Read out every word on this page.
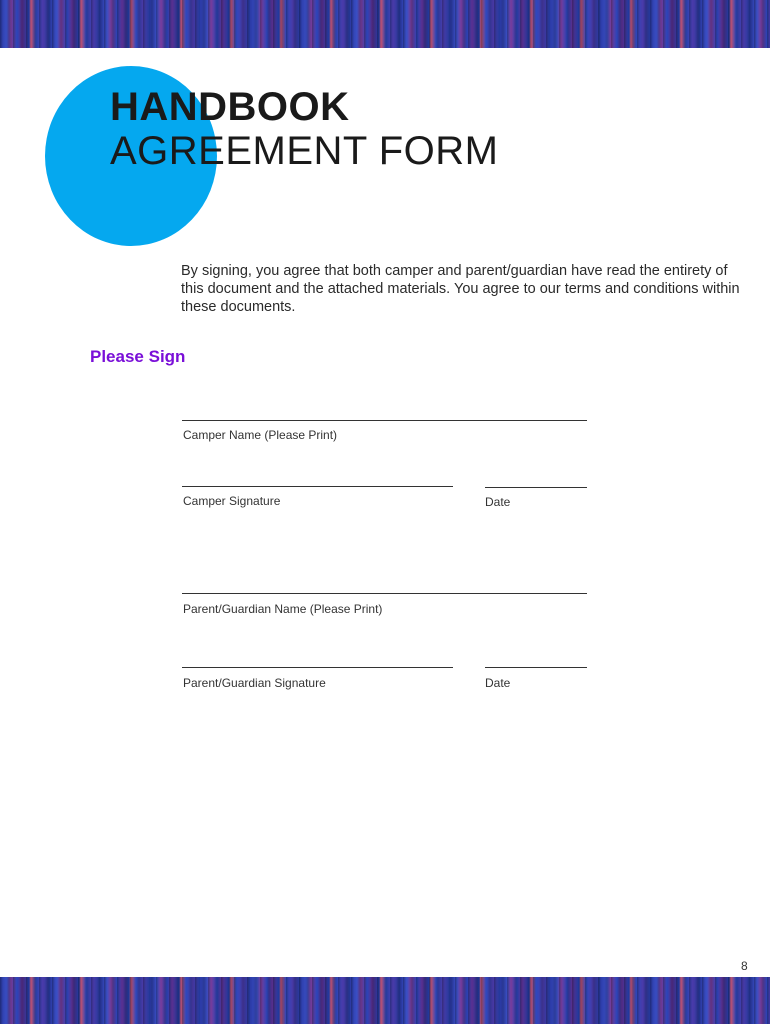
HANDBOOK
AGREEMENT FORM
By signing, you agree that both camper and parent/guardian have read the entirety of this document and the attached materials. You agree to our terms and conditions within these documents.
Please Sign
Camper Name (Please Print)
Camper Signature	Date
Parent/Guardian Name (Please Print)
Parent/Guardian Signature	Date
8
